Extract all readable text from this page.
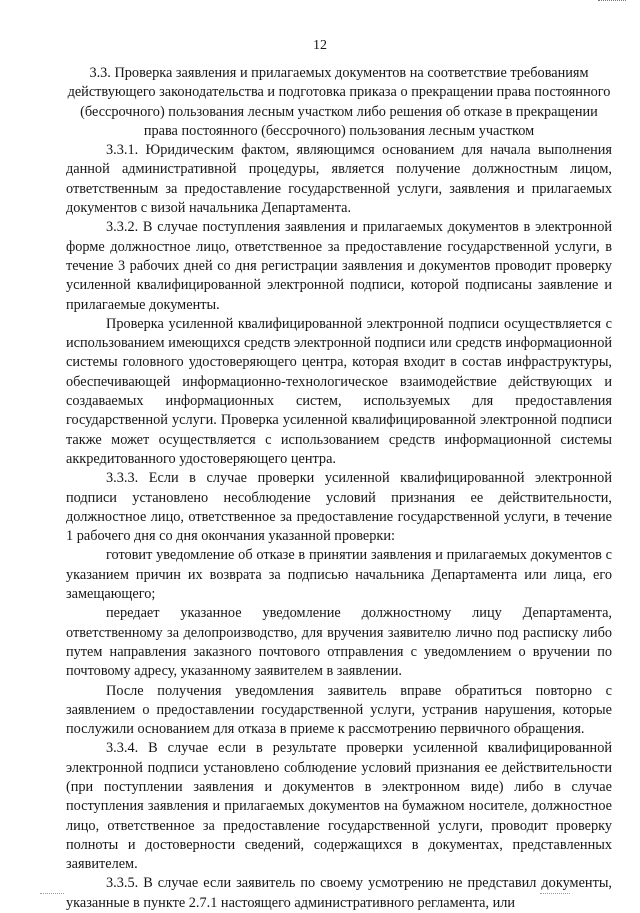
12

3.3. Проверка заявления и прилагаемых документов на соответствие требованиям действующего законодательства и подготовка приказа о прекращении права постоянного (бессрочного) пользования лесным участком либо решения об отказе в прекращении права постоянного (бессрочного) пользования лесным участком

3.3.1. Юридическим фактом, являющимся основанием для начала выполнения данной административной процедуры, является получение должностным лицом, ответственным за предоставление государственной услуги, заявления и прилагаемых документов с визой начальника Департамента.

3.3.2. В случае поступления заявления и прилагаемых документов в электронной форме должностное лицо, ответственное за предоставление государственной услуги, в течение 3 рабочих дней со дня регистрации заявления и документов проводит проверку усиленной квалифицированной электронной подписи, которой подписаны заявление и прилагаемые документы.

Проверка усиленной квалифицированной электронной подписи осуществляется с использованием имеющихся средств электронной подписи или средств информационной системы головного удостоверяющего центра, которая входит в состав инфраструктуры, обеспечивающей информационно-технологическое взаимодействие действующих и создаваемых информационных систем, используемых для предоставления государственной услуги. Проверка усиленной квалифицированной электронной подписи также может осуществляется с использованием средств информационной системы аккредитованного удостоверяющего центра.

3.3.3. Если в случае проверки усиленной квалифицированной электронной подписи установлено несоблюдение условий признания ее действительности, должностное лицо, ответственное за предоставление государственной услуги, в течение 1 рабочего дня со дня окончания указанной проверки:

готовит уведомление об отказе в принятии заявления и прилагаемых документов с указанием причин их возврата за подписью начальника Департамента или лица, его замещающего;

передает указанное уведомление должностному лицу Департамента, ответственному за делопроизводство, для вручения заявителю лично под расписку либо путем направления заказного почтового отправления с уведомлением о вручении по почтовому адресу, указанному заявителем в заявлении.

После получения уведомления заявитель вправе обратиться повторно с заявлением о предоставлении государственной услуги, устранив нарушения, которые послужили основанием для отказа в приеме к рассмотрению первичного обращения.

3.3.4. В случае если в результате проверки усиленной квалифицированной электронной подписи установлено соблюдение условий признания ее действительности (при поступлении заявления и документов в электронном виде) либо в случае поступления заявления и прилагаемых документов на бумажном носителе, должностное лицо, ответственное за предоставление государственной услуги, проводит проверку полноты и достоверности сведений, содержащихся в документах, представленных заявителем.

3.3.5. В случае если заявитель по своему усмотрению не представил документы, указанные в пункте 2.7.1 настоящего административного регламента, или
